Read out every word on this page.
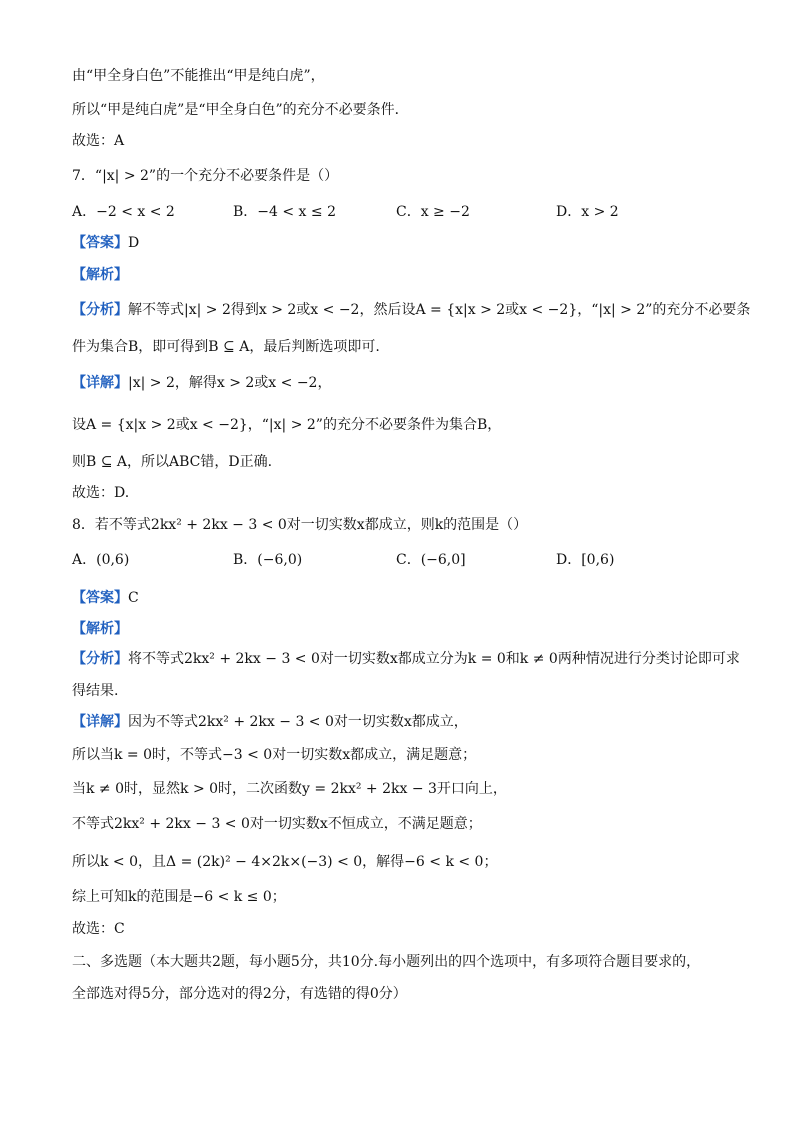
由“甲全身白色”不能推出“甲是纯白虎”，
所以“甲是纯白虎”是“甲全身白色”的充分不必要条件．
故选：A
7．“|x| > 2”的一个充分不必要条件是（）
A．−2 < x < 2	B．−4 < x ≤ 2	C．x ≥ −2	D．x > 2
【答案】D
【解析】
【分析】解不等式|x| > 2得到x > 2或x < −2，然后设A = {x|x > 2或x < −2}，“|x| > 2”的充分不必要条
件为集合B，即可得到B ⊆ A，最后判断选项即可.
【详解】|x| > 2，解得x > 2或x < −2，
设A = {x|x > 2或x < −2}，“|x| > 2”的充分不必要条件为集合B，
则B ⊆ A，所以ABC错，D正确.
故选：D.
8．若不等式2kx² + 2kx − 3 < 0对一切实数x都成立，则k的范围是（）
A．(0,6)	B．(−6,0)	C．(−6,0]	D．[0,6)
【答案】C
【解析】
【分析】将不等式2kx² + 2kx − 3 < 0对一切实数x都成立分为k = 0和k ≠ 0两种情况进行分类讨论即可求
得结果.
【详解】因为不等式2kx² + 2kx − 3 < 0对一切实数x都成立，
所以当k = 0时，不等式−3 < 0对一切实数x都成立，满足题意；
当k ≠ 0时，显然k > 0时，二次函数y = 2kx² + 2kx − 3开口向上，
不等式2kx² + 2kx − 3 < 0对一切实数x不恒成立，不满足题意；
所以k < 0，且Δ = (2k)² − 4×2k×(−3) < 0，解得−6 < k < 0；
综上可知k的范围是−6 < k ≤ 0；
故选：C
二、多选题（本大题共2题，每小题5分，共10分.每小题列出的四个选项中，有多项符合题目要求的，
全部选对得5分，部分选对的得2分，有选错的得0分）
